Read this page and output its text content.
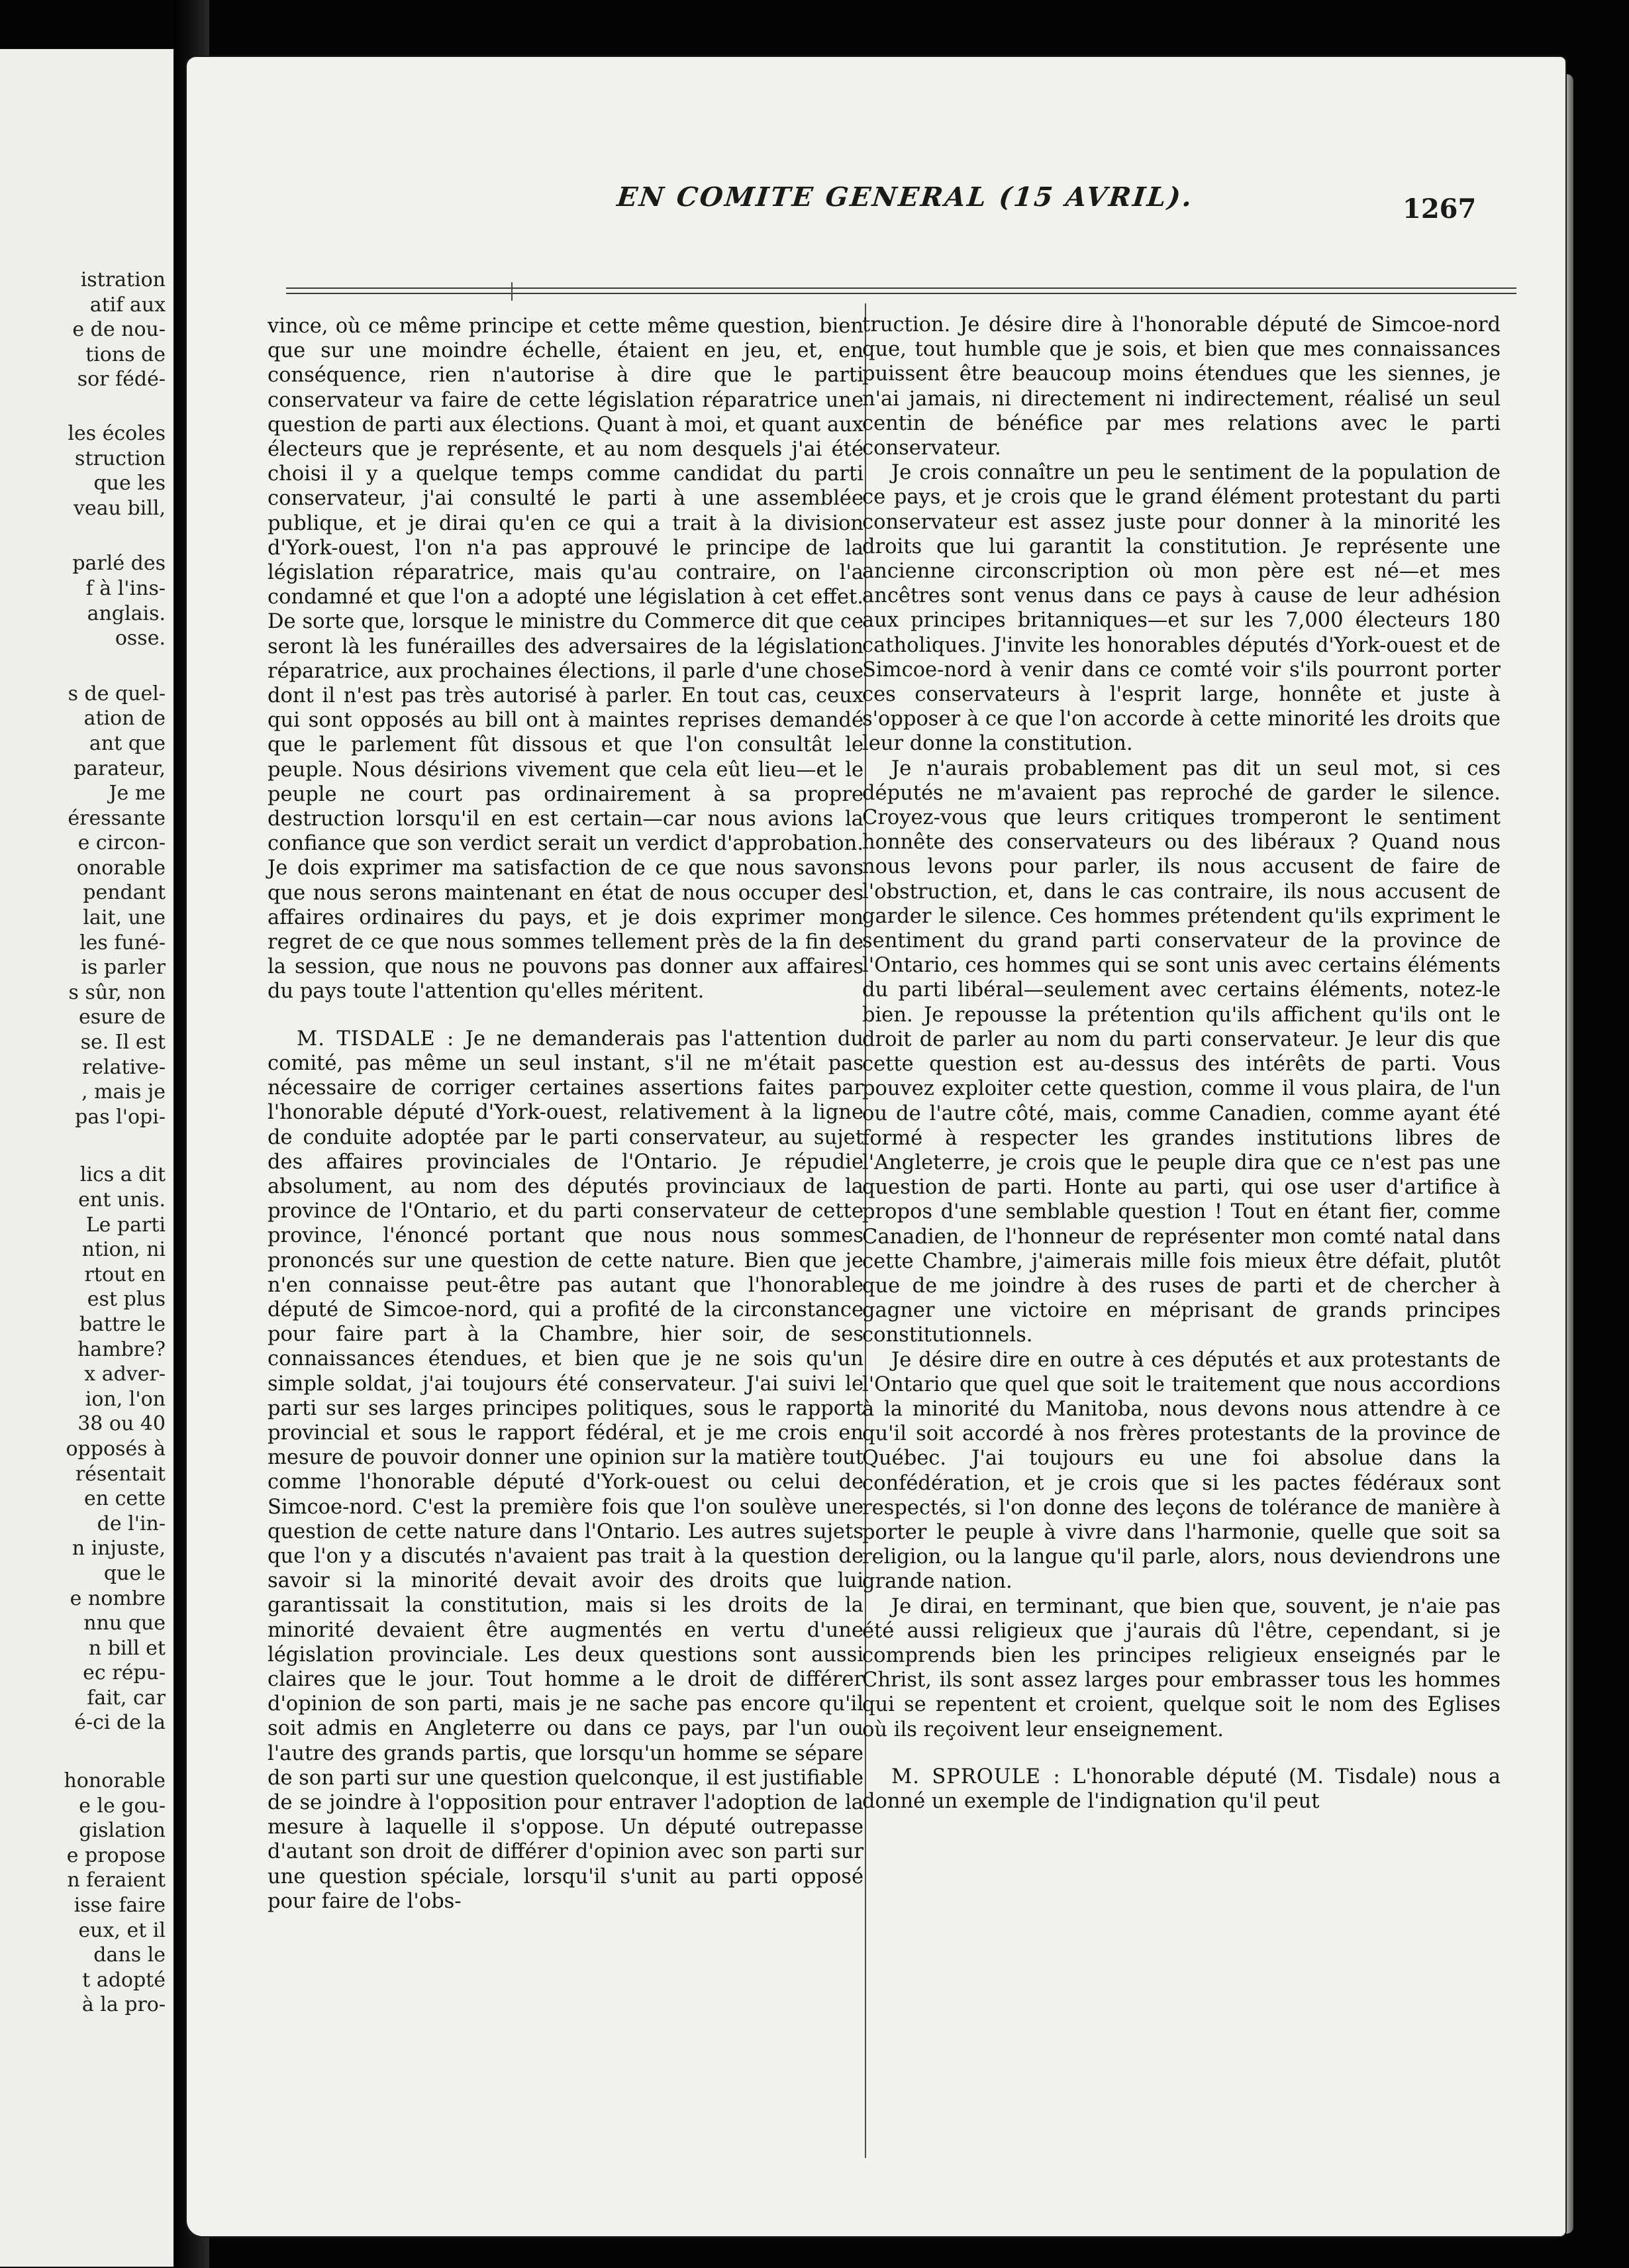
istration
atif aux
e de nou-
tions de
sor fédé-
les écoles
struction
que les
veau bill,
parlé des
f à l'ins-
anglais.
osse.
s de quel-
ation de
ant que
parateur,
Je me
éressante
e circon-
onorable
pendant
lait, une
les funé-
is parler
s sûr, non
esure de
se. Il est
relative-
, mais je
pas l'opi-
lics a dit
ent unis.
Le parti
ntion, ni
rtout en
est plus
battre le
hambre?
x adver-
ion, l'on
38 ou 40
opposés à
résentait
en cette
de l'in-
n injuste,
que le
e nombre
nnu que
n bill et
ec répu-
fait, car
é-ci de la
honorable
e le gou-
gislation
e propose
n feraient
isse faire
eux, et il
dans le
t adopté
à la pro-
EN COMITE GENERAL (15 AVRIL).	1267

vince, où ce même principe et cette même question, bien que sur une moindre échelle, étaient en jeu, et, en conséquence, rien n'autorise à dire que le parti conservateur va faire de cette législation réparatrice une question de parti aux élections. Quant à moi, et quant aux électeurs que je représente, et au nom desquels j'ai été choisi il y a quelque temps comme candidat du parti conservateur, j'ai consulté le parti à une assemblée publique, et je dirai qu'en ce qui a trait à la division d'York-ouest, l'on n'a pas approuvé le principe de la législation réparatrice, mais qu'au contraire, on l'a condamné et que l'on a adopté une législation à cet effet. De sorte que, lorsque le ministre du Commerce dit que ce seront là les funérailles des adversaires de la législation réparatrice, aux prochaines élections, il parle d'une chose dont il n'est pas très autorisé à parler. En tout cas, ceux qui sont opposés au bill ont à maintes reprises demandé que le parlement fût dissous et que l'on consultât le peuple. Nous désirions vivement que cela eût lieu—et le peuple ne court pas ordinairement à sa propre destruction lorsqu'il en est certain—car nous avions la confiance que son verdict serait un verdict d'approbation. Je dois exprimer ma satisfaction de ce que nous savons que nous serons maintenant en état de nous occuper des affaires ordinaires du pays, et je dois exprimer mon regret de ce que nous sommes tellement près de la fin de la session, que nous ne pouvons pas donner aux affaires du pays toute l'attention qu'elles méritent.

M. TISDALE : Je ne demanderais pas l'attention du comité, pas même un seul instant, s'il ne m'était pas nécessaire de corriger certaines assertions faites par l'honorable député d'York-ouest, relativement à la ligne de conduite adoptée par le parti conservateur, au sujet des affaires provinciales de l'Ontario. Je répudie absolument, au nom des députés provinciaux de la province de l'Ontario, et du parti conservateur de cette province, l'énoncé portant que nous nous sommes prononcés sur une question de cette nature. Bien que je n'en connaisse peut-être pas autant que l'honorable député de Simcoe-nord, qui a profité de la circonstance pour faire part à la Chambre, hier soir, de ses connaissances étendues, et bien que je ne sois qu'un simple soldat, j'ai toujours été conservateur. J'ai suivi le parti sur ses larges principes politiques, sous le rapport provincial et sous le rapport fédéral, et je me crois en mesure de pouvoir donner une opinion sur la matière tout comme l'honorable député d'York-ouest ou celui de Simcoe-nord. C'est la première fois que l'on soulève une question de cette nature dans l'Ontario. Les autres sujets que l'on y a discutés n'avaient pas trait à la question de savoir si la minorité devait avoir des droits que lui garantissait la constitution, mais si les droits de la minorité devaient être augmentés en vertu d'une législation provinciale. Les deux questions sont aussi claires que le jour. Tout homme a le droit de différer d'opinion de son parti, mais je ne sache pas encore qu'il soit admis en Angleterre ou dans ce pays, par l'un ou l'autre des grands partis, que lorsqu'un homme se sépare de son parti sur une question quelconque, il est justifiable de se joindre à l'opposition pour entraver l'adoption de la mesure à laquelle il s'oppose. Un député outrepasse d'autant son droit de différer d'opinion avec son parti sur une question spéciale, lorsqu'il s'unit au parti opposé pour faire de l'obs-

truction. Je désire dire à l'honorable député de Simcoe-nord que, tout humble que je sois, et bien que mes connaissances puissent être beaucoup moins étendues que les siennes, je n'ai jamais, ni directement ni indirectement, réalisé un seul centin de bénéfice par mes relations avec le parti conservateur.

Je crois connaître un peu le sentiment de la population de ce pays, et je crois que le grand élément protestant du parti conservateur est assez juste pour donner à la minorité les droits que lui garantit la constitution. Je représente une ancienne circonscription où mon père est né—et mes ancêtres sont venus dans ce pays à cause de leur adhésion aux principes britanniques—et sur les 7,000 électeurs 180 catholiques. J'invite les honorables députés d'York-ouest et de Simcoe-nord à venir dans ce comté voir s'ils pourront porter ces conservateurs à l'esprit large, honnête et juste à s'opposer à ce que l'on accorde à cette minorité les droits que leur donne la constitution.

Je n'aurais probablement pas dit un seul mot, si ces députés ne m'avaient pas reproché de garder le silence. Croyez-vous que leurs critiques tromperont le sentiment honnête des conservateurs ou des libéraux ? Quand nous nous levons pour parler, ils nous accusent de faire de l'obstruction, et, dans le cas contraire, ils nous accusent de garder le silence. Ces hommes prétendent qu'ils expriment le sentiment du grand parti conservateur de la province de l'Ontario, ces hommes qui se sont unis avec certains éléments du parti libéral—seulement avec certains éléments, notez-le bien. Je repousse la prétention qu'ils affichent qu'ils ont le droit de parler au nom du parti conservateur. Je leur dis que cette question est au-dessus des intérêts de parti. Vous pouvez exploiter cette question, comme il vous plaira, de l'un ou de l'autre côté, mais, comme Canadien, comme ayant été formé à respecter les grandes institutions libres de l'Angleterre, je crois que le peuple dira que ce n'est pas une question de parti. Honte au parti, qui ose user d'artifice à propos d'une semblable question ! Tout en étant fier, comme Canadien, de l'honneur de représenter mon comté natal dans cette Chambre, j'aimerais mille fois mieux être défait, plutôt que de me joindre à des ruses de parti et de chercher à gagner une victoire en méprisant de grands principes constitutionnels.

Je désire dire en outre à ces députés et aux protestants de l'Ontario que quel que soit le traitement que nous accordions à la minorité du Manitoba, nous devons nous attendre à ce qu'il soit accordé à nos frères protestants de la province de Québec. J'ai toujours eu une foi absolue dans la confédération, et je crois que si les pactes fédéraux sont respectés, si l'on donne des leçons de tolérance de manière à porter le peuple à vivre dans l'harmonie, quelle que soit sa religion, ou la langue qu'il parle, alors, nous deviendrons une grande nation.

Je dirai, en terminant, que bien que, souvent, je n'aie pas été aussi religieux que j'aurais dû l'être, cependant, si je comprends bien les principes religieux enseignés par le Christ, ils sont assez larges pour embrasser tous les hommes qui se repentent et croient, quelque soit le nom des Eglises où ils reçoivent leur enseignement.

M. SPROULE : L'honorable député (M. Tisdale) nous a donné un exemple de l'indignation qu'il peut
